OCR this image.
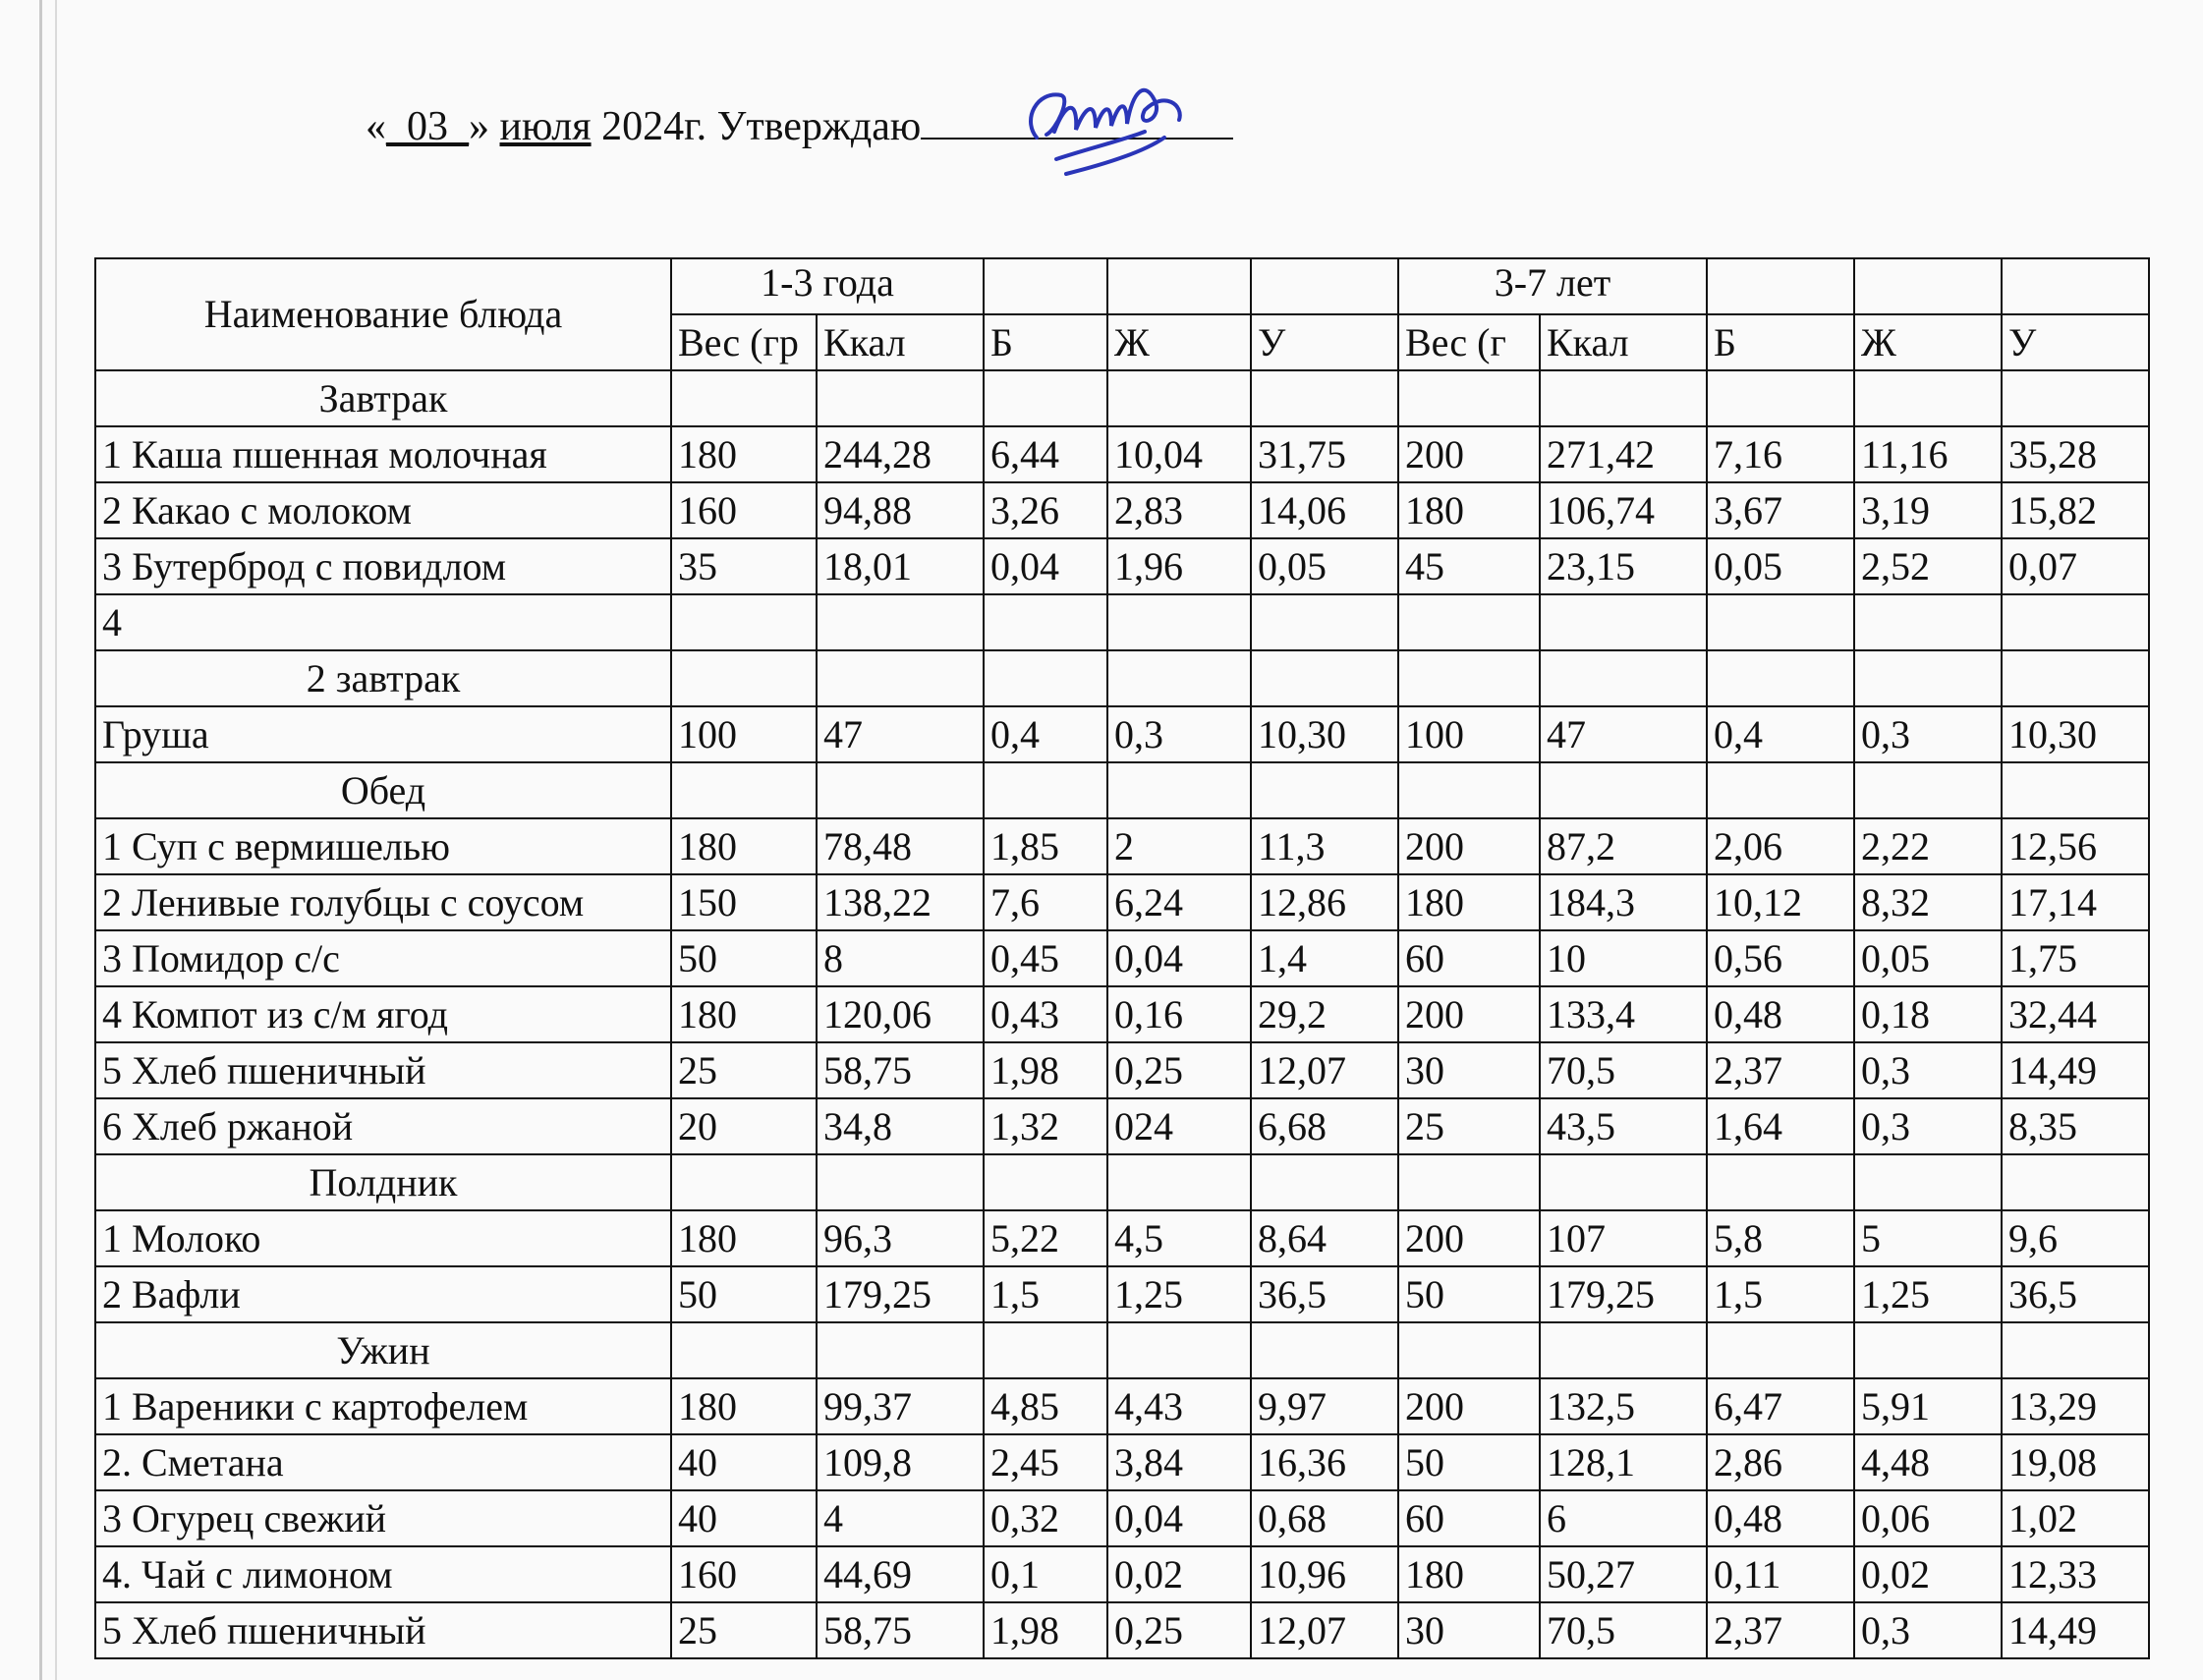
« _03_ »
июля
2024г. Утверждаю
Наименование блюда	1-3 года					3-7 лет				
	Вес (гр	Ккал	Б	Ж	У	Вес (г	Ккал	Б	Ж	У
Завтрак										
1 Каша пшенная молочная	180	244,28	6,44	10,04	31,75	200	271,42	7,16	11,16	35,28
2 Какао с молоком	160	94,88	3,26	2,83	14,06	180	106,74	3,67	3,19	15,82
3 Бутерброд с повидлом	35	18,01	0,04	1,96	0,05	45	23,15	0,05	2,52	0,07
4										
2 завтрак										
Груша	100	47	0,4	0,3	10,30	100	47	0,4	0,3	10,30
Обед										
1 Суп с вермишелью	180	78,48	1,85	2	11,3	200	87,2	2,06	2,22	12,56
2 Ленивые голубцы с соусом	150	138,22	7,6	6,24	12,86	180	184,3	10,12	8,32	17,14
3 Помидор с/с	50	8	0,45	0,04	1,4	60	10	0,56	0,05	1,75
4 Компот из с/м ягод	180	120,06	0,43	0,16	29,2	200	133,4	0,48	0,18	32,44
5 Хлеб пшеничный	25	58,75	1,98	0,25	12,07	30	70,5	2,37	0,3	14,49
6 Хлеб ржаной	20	34,8	1,32	024	6,68	25	43,5	1,64	0,3	8,35
Полдник										
1 Молоко	180	96,3	5,22	4,5	8,64	200	107	5,8	5	9,6
2 Вафли	50	179,25	1,5	1,25	36,5	50	179,25	1,5	1,25	36,5
Ужин										
1 Вареники с картофелем	180	99,37	4,85	4,43	9,97	200	132,5	6,47	5,91	13,29
2. Сметана	40	109,8	2,45	3,84	16,36	50	128,1	2,86	4,48	19,08
3 Огурец свежий	40	4	0,32	0,04	0,68	60	6	0,48	0,06	1,02
4. Чай с лимоном	160	44,69	0,1	0,02	10,96	180	50,27	0,11	0,02	12,33
5 Хлеб пшеничный	25	58,75	1,98	0,25	12,07	30	70,5	2,37	0,3	14,49
